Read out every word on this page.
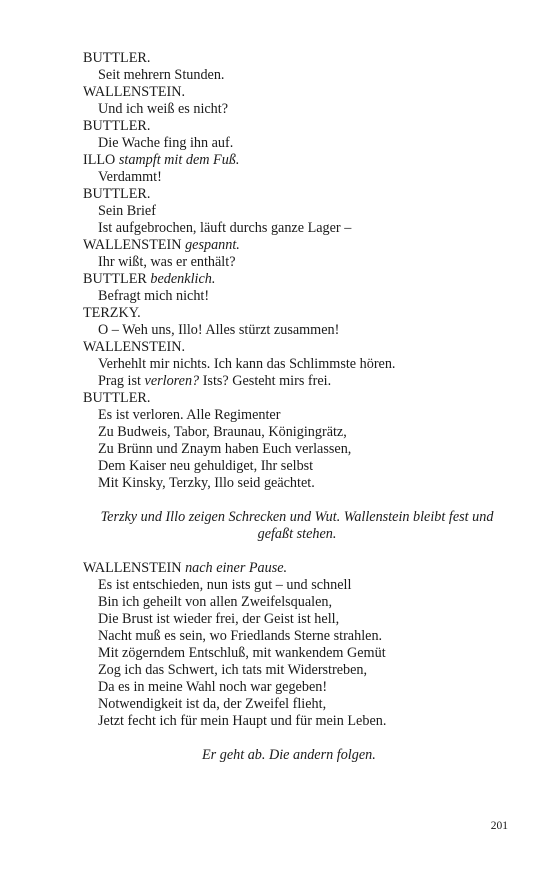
BUTTLER.
Seit mehrern Stunden.
WALLENSTEIN.
Und ich weiß es nicht?
BUTTLER.
Die Wache fing ihn auf.
ILLO stampft mit dem Fuß.
Verdammt!
BUTTLER.
Sein Brief
Ist aufgebrochen, läuft durchs ganze Lager –
WALLENSTEIN gespannt.
Ihr wißt, was er enthält?
BUTTLER bedenklich.
Befragt mich nicht!
TERZKY.
O – Weh uns, Illo! Alles stürzt zusammen!
WALLENSTEIN.
Verhehlt mir nichts. Ich kann das Schlimmste hören.
Prag ist verloren? Ists? Gesteht mirs frei.
BUTTLER.
Es ist verloren. Alle Regimenter
Zu Budweis, Tabor, Braunau, Königingrätz,
Zu Brünn und Znaym haben Euch verlassen,
Dem Kaiser neu gehuldiget, Ihr selbst
Mit Kinsky, Terzky, Illo seid geächtet.
Terzky und Illo zeigen Schrecken und Wut. Wallenstein bleibt fest und gefaßt stehen.
WALLENSTEIN nach einer Pause.
Es ist entschieden, nun ists gut – und schnell
Bin ich geheilt von allen Zweifelsqualen,
Die Brust ist wieder frei, der Geist ist hell,
Nacht muß es sein, wo Friedlands Sterne strahlen.
Mit zögerndem Entschluß, mit wankendem Gemüt
Zog ich das Schwert, ich tats mit Widerstreben,
Da es in meine Wahl noch war gegeben!
Notwendigkeit ist da, der Zweifel flieht,
Jetzt fecht ich für mein Haupt und für mein Leben.
Er geht ab. Die andern folgen.
201
